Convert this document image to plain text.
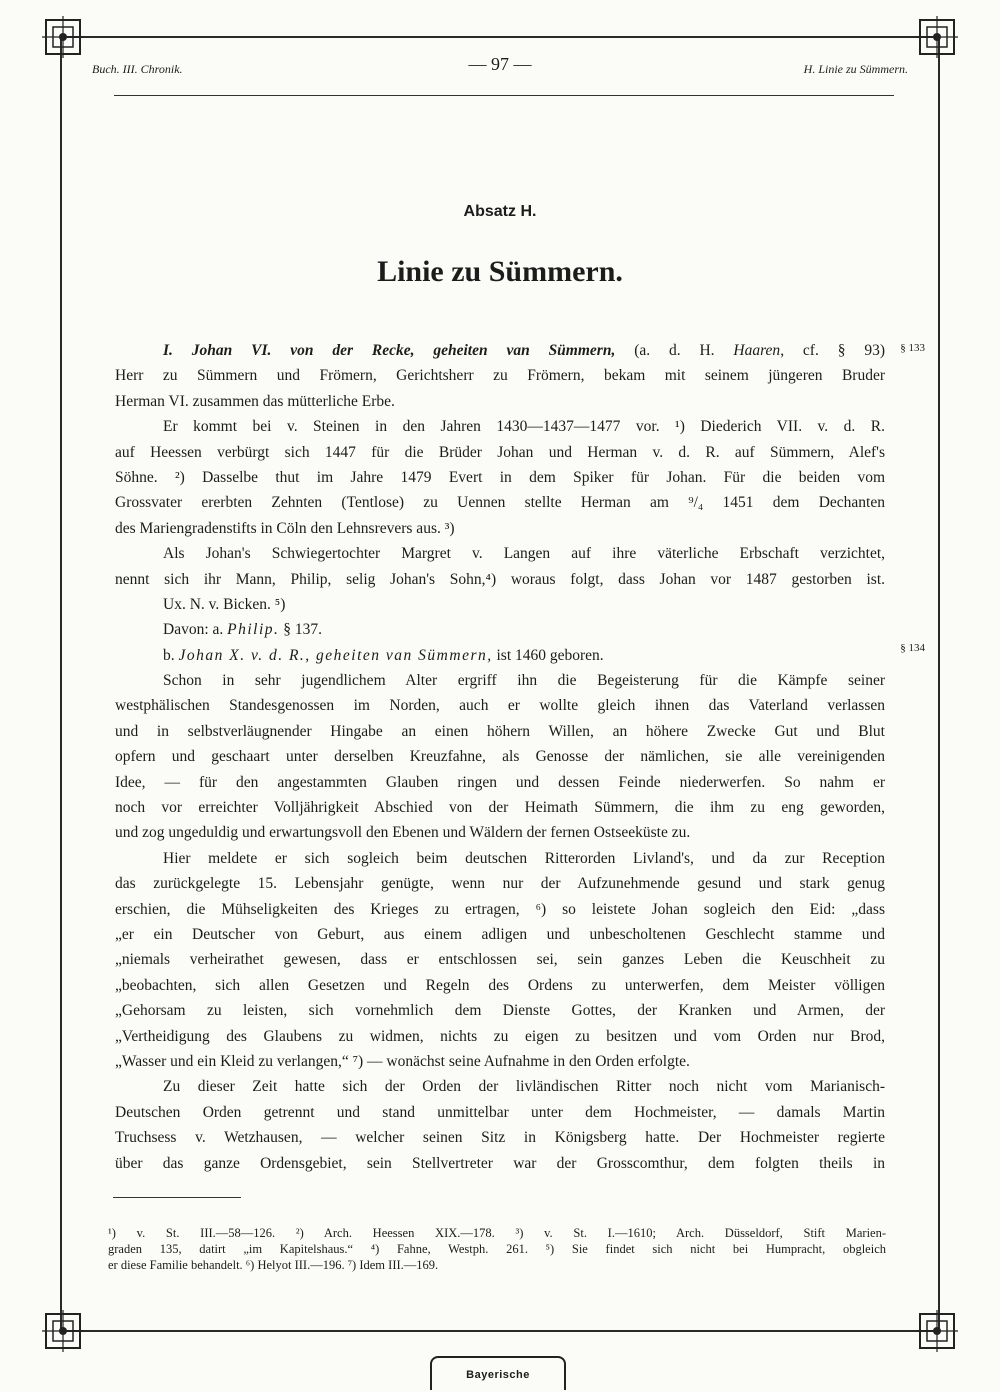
Buch. III. Chronik.	— 97 —	H. Linie zu Sümmern.
Absatz H.
Linie zu Sümmern.
§ 133
§ 134
I. Johan VI. von der Recke, geheiten van Sümmern, (a. d. H. Haaren, cf. § 93)
Herr zu Sümmern und Frömern, Gerichtsherr zu Frömern, bekam mit seinem jüngeren Bruder
Herman VI. zusammen das mütterliche Erbe.
Er kommt bei v. Steinen in den Jahren 1430—1437—1477 vor. ¹) Diederich VII. v. d. R.
auf Heessen verbürgt sich 1447 für die Brüder Johan und Herman v. d. R. auf Sümmern, Alef's
Söhne. ²) Dasselbe thut im Jahre 1479 Evert in dem Spiker für Johan. Für die beiden vom
Grossvater ererbten Zehnten (Tentlose) zu Uennen stellte Herman am ⁹/₄ 1451 dem Dechanten
des Mariengradenstifts in Cöln den Lehnsrevers aus. ³)
Als Johan's Schwiegertochter Margret v. Langen auf ihre väterliche Erbschaft verzichtet,
nennt sich ihr Mann, Philip, selig Johan's Sohn,⁴) woraus folgt, dass Johan vor 1487 gestorben ist.
Ux. N. v. Bicken. ⁵)
Davon: a. Philip. § 137.
b. Johan X. v. d. R., geheiten van Sümmern, ist 1460 geboren.
Schon in sehr jugendlichem Alter ergriff ihn die Begeisterung für die Kämpfe seiner
westphälischen Standesgenossen im Norden, auch er wollte gleich ihnen das Vaterland verlassen
und in selbstverläugnender Hingabe an einen höhern Willen, an höhere Zwecke Gut und Blut
opfern und geschaart unter derselben Kreuzfahne, als Genosse der nämlichen, sie alle vereinigenden
Idee, — für den angestammten Glauben ringen und dessen Feinde niederwerfen. So nahm er
noch vor erreichter Volljährigkeit Abschied von der Heimath Sümmern, die ihm zu eng geworden,
und zog ungeduldig und erwartungsvoll den Ebenen und Wäldern der fernen Ostseeküste zu.
Hier meldete er sich sogleich beim deutschen Ritterorden Livland's, und da zur Reception
das zurückgelegte 15. Lebensjahr genügte, wenn nur der Aufzunehmende gesund und stark genug
erschien, die Mühseligkeiten des Krieges zu ertragen, ⁶) so leistete Johan sogleich den Eid: „dass
„er ein Deutscher von Geburt, aus einem adligen und unbescholtenen Geschlecht stamme und
„niemals verheirathet gewesen, dass er entschlossen sei, sein ganzes Leben die Keuschheit zu
„beobachten, sich allen Gesetzen und Regeln des Ordens zu unterwerfen, dem Meister völligen
„Gehorsam zu leisten, sich vornehmlich dem Dienste Gottes, der Kranken und Armen, der
„Vertheidigung des Glaubens zu widmen, nichts zu eigen zu besitzen und vom Orden nur Brod,
„Wasser und ein Kleid zu verlangen,“ ⁷) — wonächst seine Aufnahme in den Orden erfolgte.
Zu dieser Zeit hatte sich der Orden der livländischen Ritter noch nicht vom Marianisch-
Deutschen Orden getrennt und stand unmittelbar unter dem Hochmeister, — damals Martin
Truchsess v. Wetzhausen, — welcher seinen Sitz in Königsberg hatte. Der Hochmeister regierte
über das ganze Ordensgebiet, sein Stellvertreter war der Grosscomthur, dem folgten theils in
¹) v. St. III.—58—126. ²) Arch. Heessen XIX.—178. ³) v. St. I.—1610; Arch. Düsseldorf, Stift Marien-
graden 135, datirt „im Kapitelshaus.“ ⁴) Fahne, Westph. 261. ⁵) Sie findet sich nicht bei Humpracht, obgleich
er diese Familie behandelt. ⁶) Helyot III.—196. ⁷) Idem III.—169.
Bayerische
